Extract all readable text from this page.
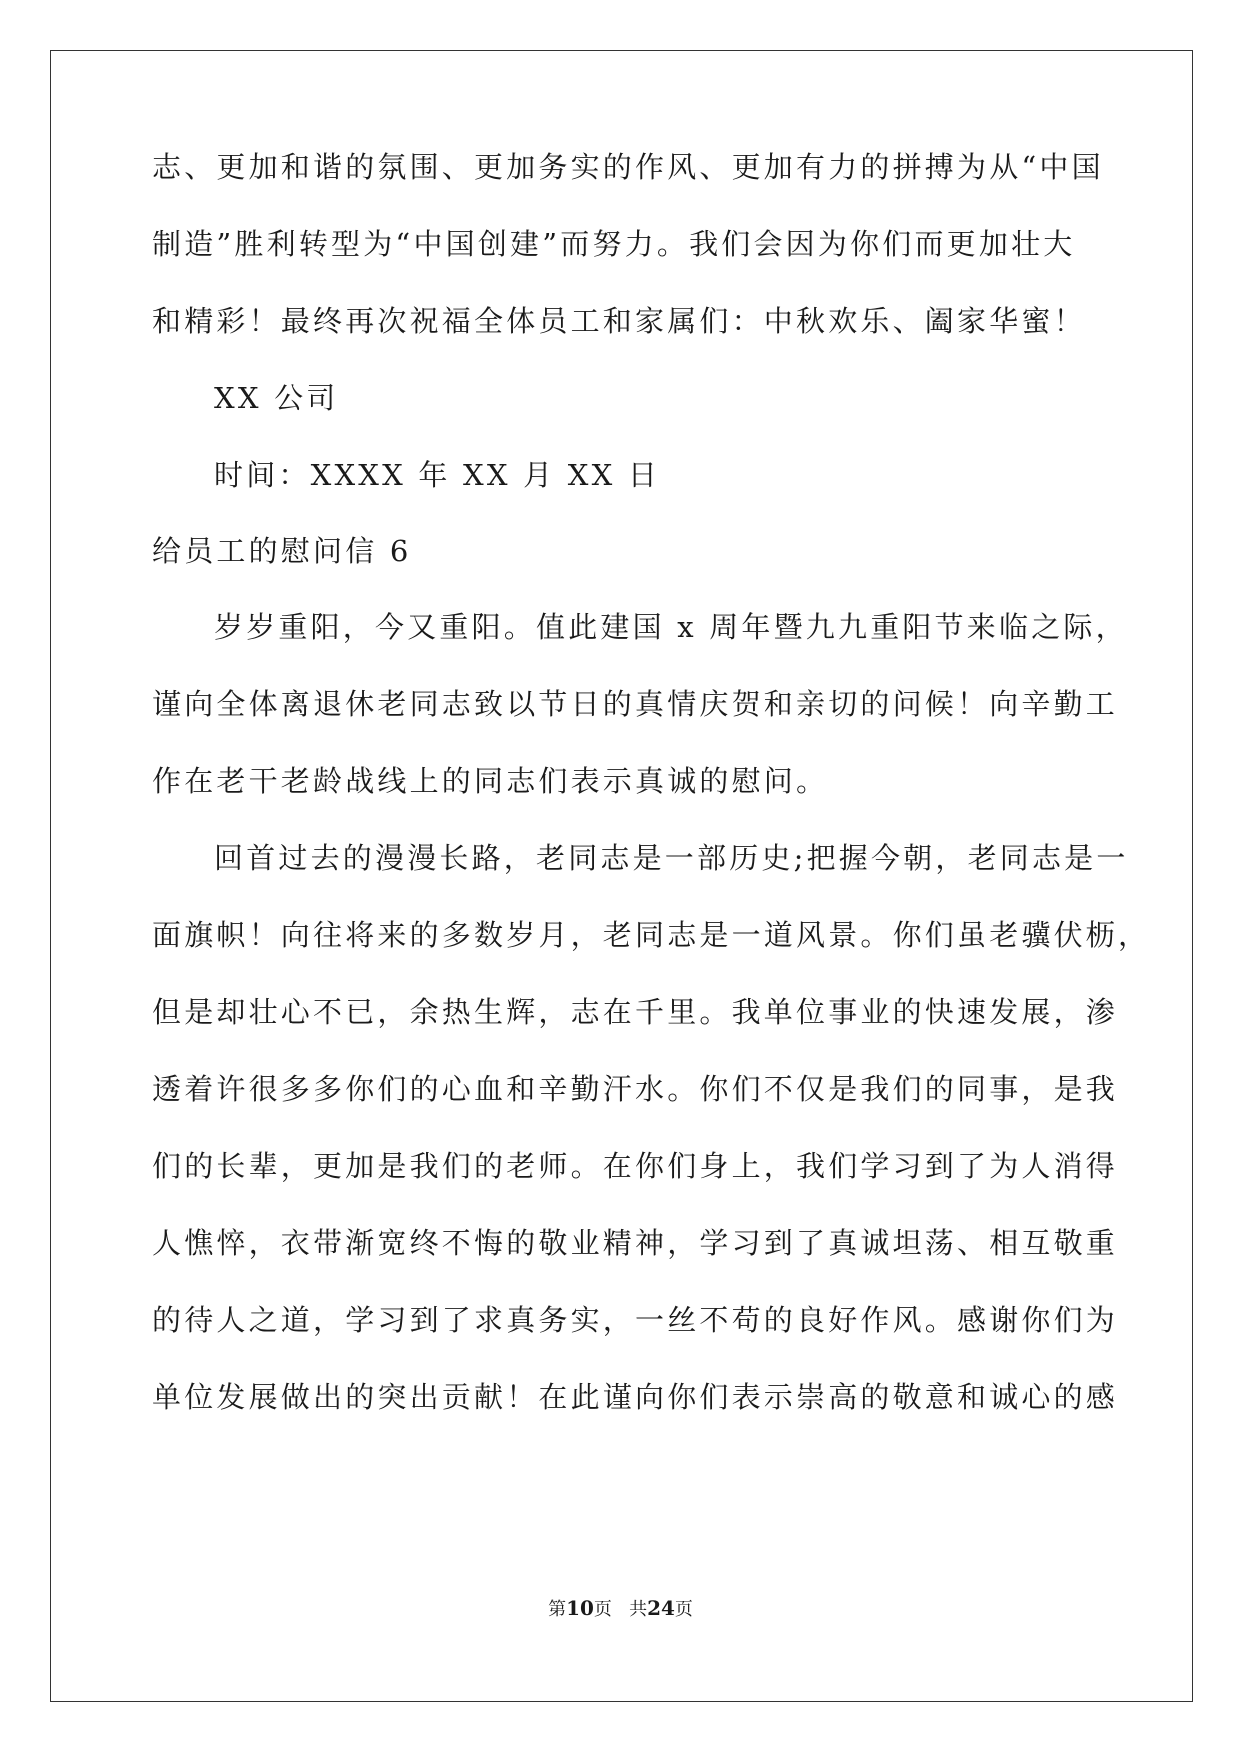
志、更加和谐的氛围、更加务实的作风、更加有力的拼搏为从“中国
制造”胜利转型为“中国创建”而努力。我们会因为你们而更加壮大
和精彩！最终再次祝福全体员工和家属们：中秋欢乐、阖家华蜜！
XX 公司
时间：XXXX 年 XX 月 XX 日
给员工的慰问信 6
岁岁重阳，今又重阳。值此建国 x 周年暨九九重阳节来临之际，
谨向全体离退休老同志致以节日的真情庆贺和亲切的问候！向辛勤工
作在老干老龄战线上的同志们表示真诚的慰问。
回首过去的漫漫长路，老同志是一部历史;把握今朝，老同志是一
面旗帜！向往将来的多数岁月，老同志是一道风景。你们虽老骥伏枥，
但是却壮心不已，余热生辉，志在千里。我单位事业的快速发展，渗
透着许很多多你们的心血和辛勤汗水。你们不仅是我们的同事，是我
们的长辈，更加是我们的老师。在你们身上，我们学习到了为人消得
人憔悴，衣带渐宽终不悔的敬业精神，学习到了真诚坦荡、相互敬重
的待人之道，学习到了求真务实，一丝不苟的良好作风。感谢你们为
单位发展做出的突出贡献！在此谨向你们表示崇高的敬意和诚心的感
第10页 共24页
